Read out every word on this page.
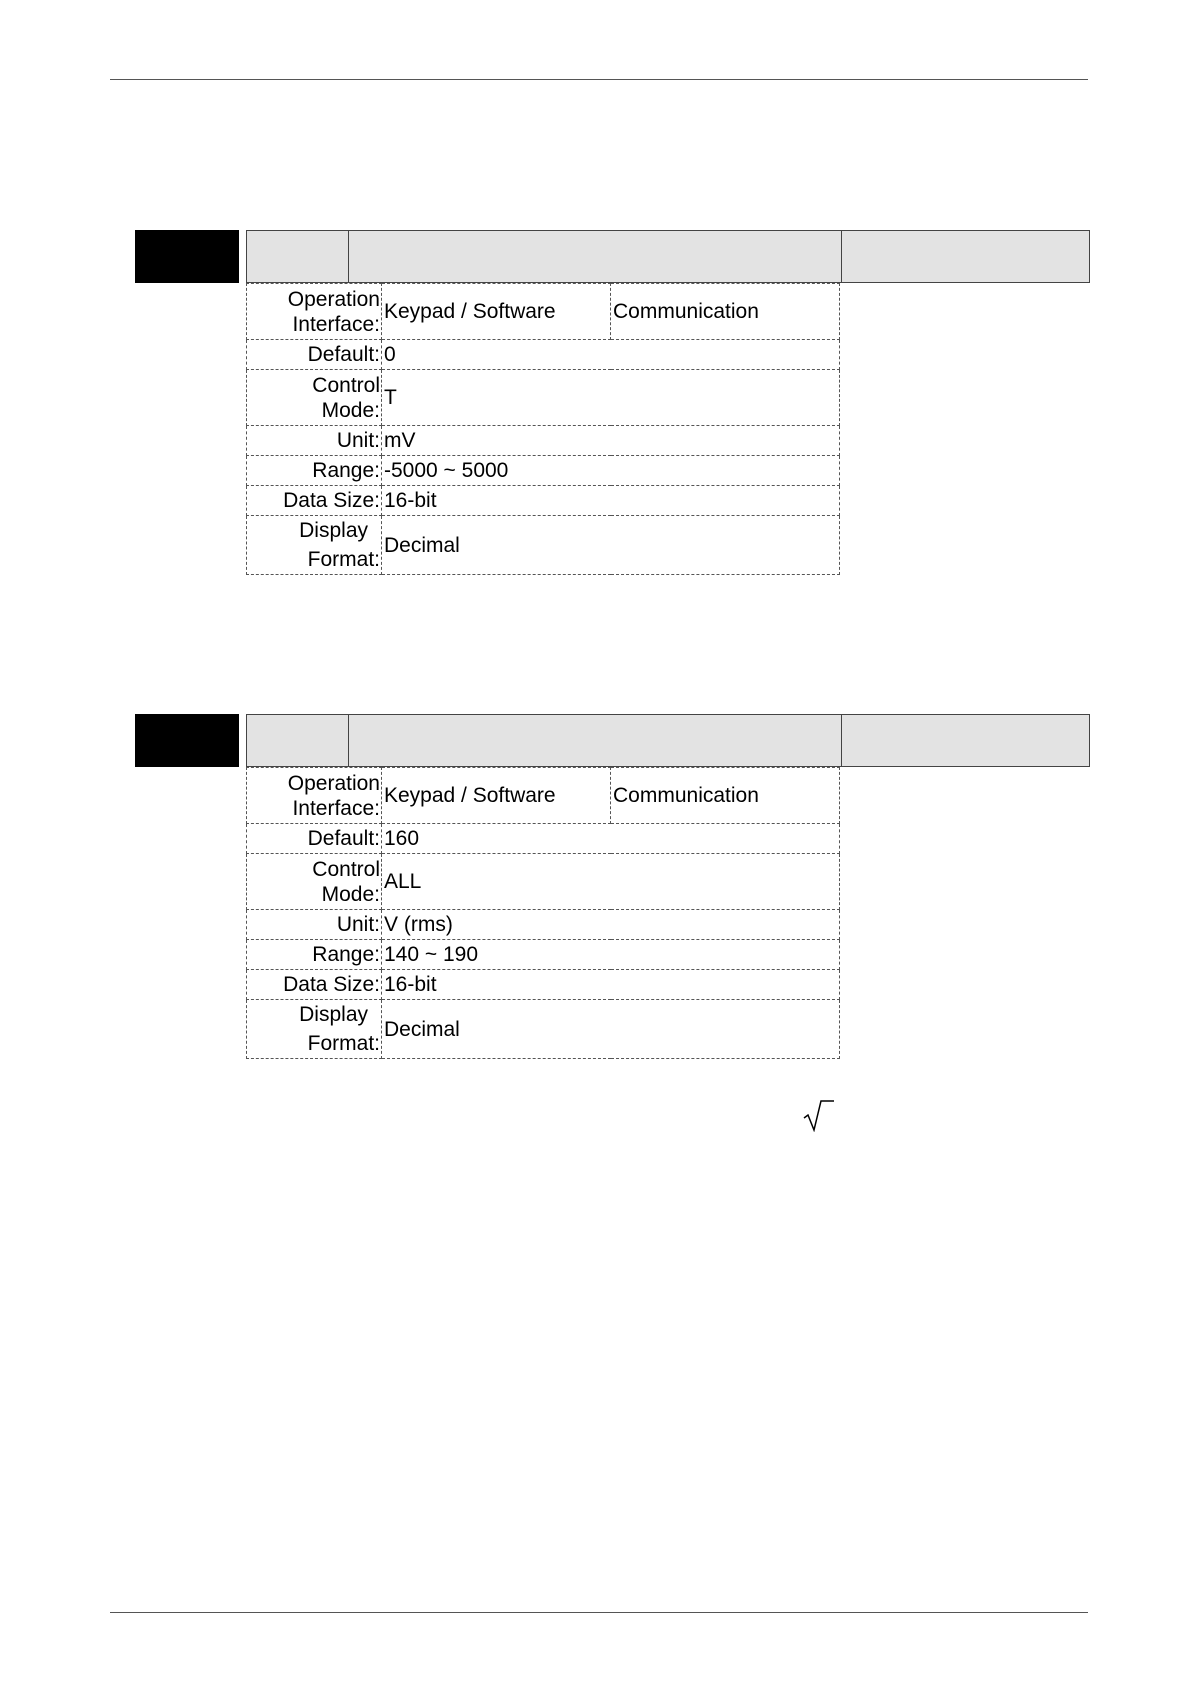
Operation Interface:	Keypad / Software	Communication
Default:	0	
Control Mode:	T	
Unit:	mV	
Range:	-5000 ~ 5000	
Data Size:	16-bit	

Display
Format:	Decimal	
Operation Interface:	Keypad / Software	Communication
Default:	160	
Control Mode:	ALL	
Unit:	V (rms)	
Range:	140 ~ 190	
Data Size:	16-bit	

Display
Format:	Decimal	
